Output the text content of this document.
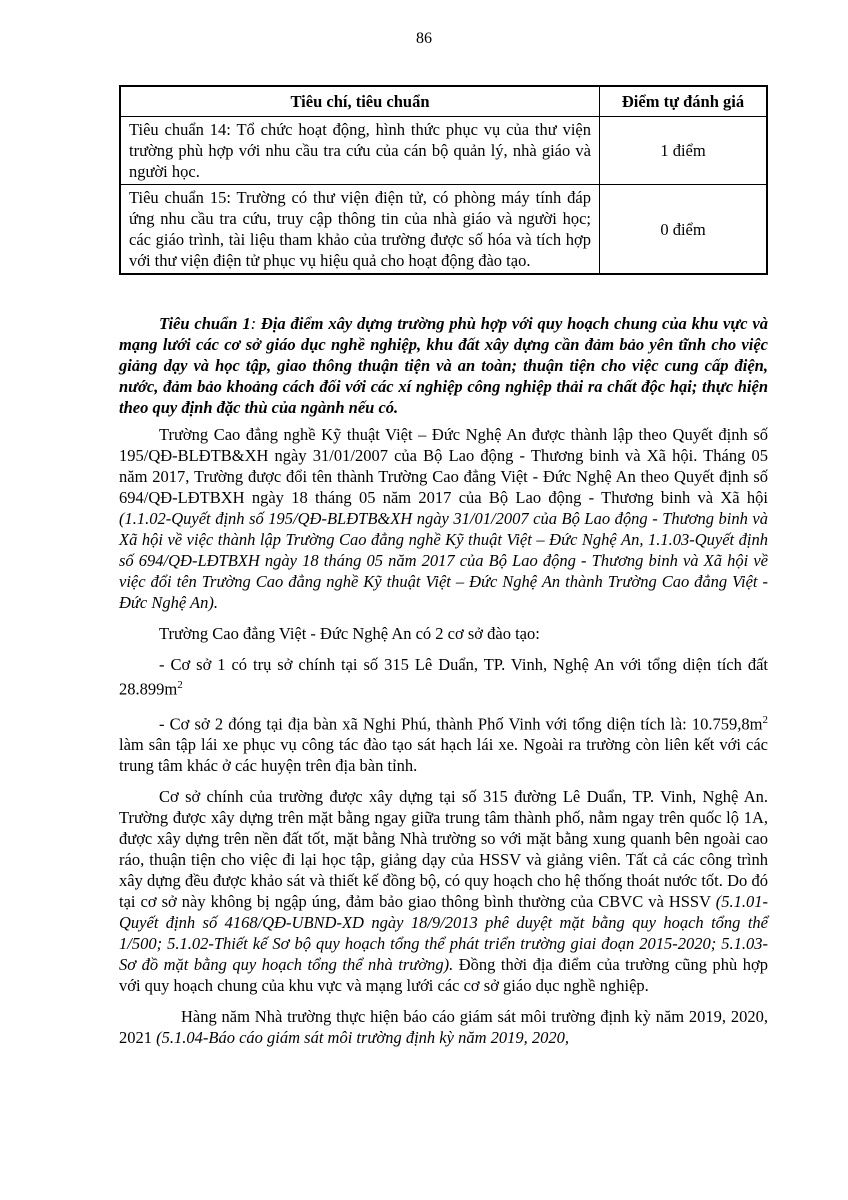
86
Tiêu chí, tiêu chuẩn	Điểm tự đánh giá
Tiêu chuẩn 14: Tổ chức hoạt động, hình thức phục vụ của thư viện trường phù hợp với nhu cầu tra cứu của cán bộ quản lý, nhà giáo và người học.	1 điểm
Tiêu chuẩn 15: Trường có thư viện điện tử, có phòng máy tính đáp ứng nhu cầu tra cứu, truy cập thông tin của nhà giáo và người học; các giáo trình, tài liệu tham khảo của trường được số hóa và tích hợp với thư viện điện tử phục vụ hiệu quả cho hoạt động đào tạo.	0 điểm

Tiêu chuẩn 1: Địa điểm xây dựng trường phù hợp với quy hoạch chung của khu vực và mạng lưới các cơ sở giáo dục nghề nghiệp, khu đất xây dựng cần đảm bảo yên tĩnh cho việc giảng dạy và học tập, giao thông thuận tiện và an toàn; thuận tiện cho việc cung cấp điện, nước, đảm bảo khoảng cách đối với các xí nghiệp công nghiệp thải ra chất độc hại; thực hiện theo quy định đặc thù của ngành nếu có.

Trường Cao đẳng nghề Kỹ thuật Việt – Đức Nghệ An được thành lập theo Quyết định số 195/QĐ-BLĐTB&XH ngày 31/01/2007 của Bộ Lao động - Thương binh và Xã hội. Tháng 05 năm 2017, Trường được đổi tên thành Trường Cao đẳng Việt - Đức Nghệ An theo Quyết định số 694/QĐ-LĐTBXH ngày 18 tháng 05 năm 2017 của Bộ Lao động - Thương binh và Xã hội (1.1.02-Quyết định số 195/QĐ-BLĐTB&XH ngày 31/01/2007 của Bộ Lao động - Thương binh và Xã hội về việc thành lập Trường Cao đẳng nghề Kỹ thuật Việt – Đức Nghệ An, 1.1.03-Quyết định số 694/QĐ-LĐTBXH ngày 18 tháng 05 năm 2017 của Bộ Lao động - Thương binh và Xã hội về việc đổi tên Trường Cao đẳng nghề Kỹ thuật Việt – Đức Nghệ An thành Trường Cao đẳng Việt - Đức Nghệ An).

Trường Cao đẳng Việt - Đức Nghệ An có 2 cơ sở đào tạo:

- Cơ sở 1 có trụ sở chính tại số 315 Lê Duẩn, TP. Vinh, Nghệ An với tổng diện tích đất $28.899m^2$

- Cơ sở 2 đóng tại địa bàn xã Nghi Phú, thành Phố Vinh với tổng diện tích là: $10.759,8m^2$ làm sân tập lái xe phục vụ công tác đào tạo sát hạch lái xe. Ngoài ra trường còn liên kết với các trung tâm khác ở các huyện trên địa bàn tỉnh.

Cơ sở chính của trường được xây dựng tại số 315 đường Lê Duẩn, TP. Vinh, Nghệ An. Trường được xây dựng trên mặt bằng ngay giữa trung tâm thành phố, nằm ngay trên quốc lộ 1A, được xây dựng trên nền đất tốt, mặt bằng Nhà trường so với mặt bằng xung quanh bên ngoài cao ráo, thuận tiện cho việc đi lại học tập, giảng dạy của HSSV và giảng viên. Tất cả các công trình xây dựng đều được khảo sát và thiết kế đồng bộ, có quy hoạch cho hệ thống thoát nước tốt. Do đó tại cơ sở này không bị ngập úng, đảm bảo giao thông bình thường của CBVC và HSSV (5.1.01-Quyết định số 4168/QĐ-UBND-XD ngày 18/9/2013 phê duyệt mặt bằng quy hoạch tổng thể 1/500; 5.1.02-Thiết kế Sơ bộ quy hoạch tổng thể phát triển trường giai đoạn 2015-2020; 5.1.03-Sơ đồ mặt bằng quy hoạch tổng thể nhà trường). Đồng thời địa điểm của trường cũng phù hợp với quy hoạch chung của khu vực và mạng lưới các cơ sở giáo dục nghề nghiệp.

Hàng năm Nhà trường thực hiện báo cáo giám sát môi trường định kỳ năm 2019, 2020, 2021 (5.1.04-Báo cáo giám sát môi trường định kỳ năm 2019, 2020,
